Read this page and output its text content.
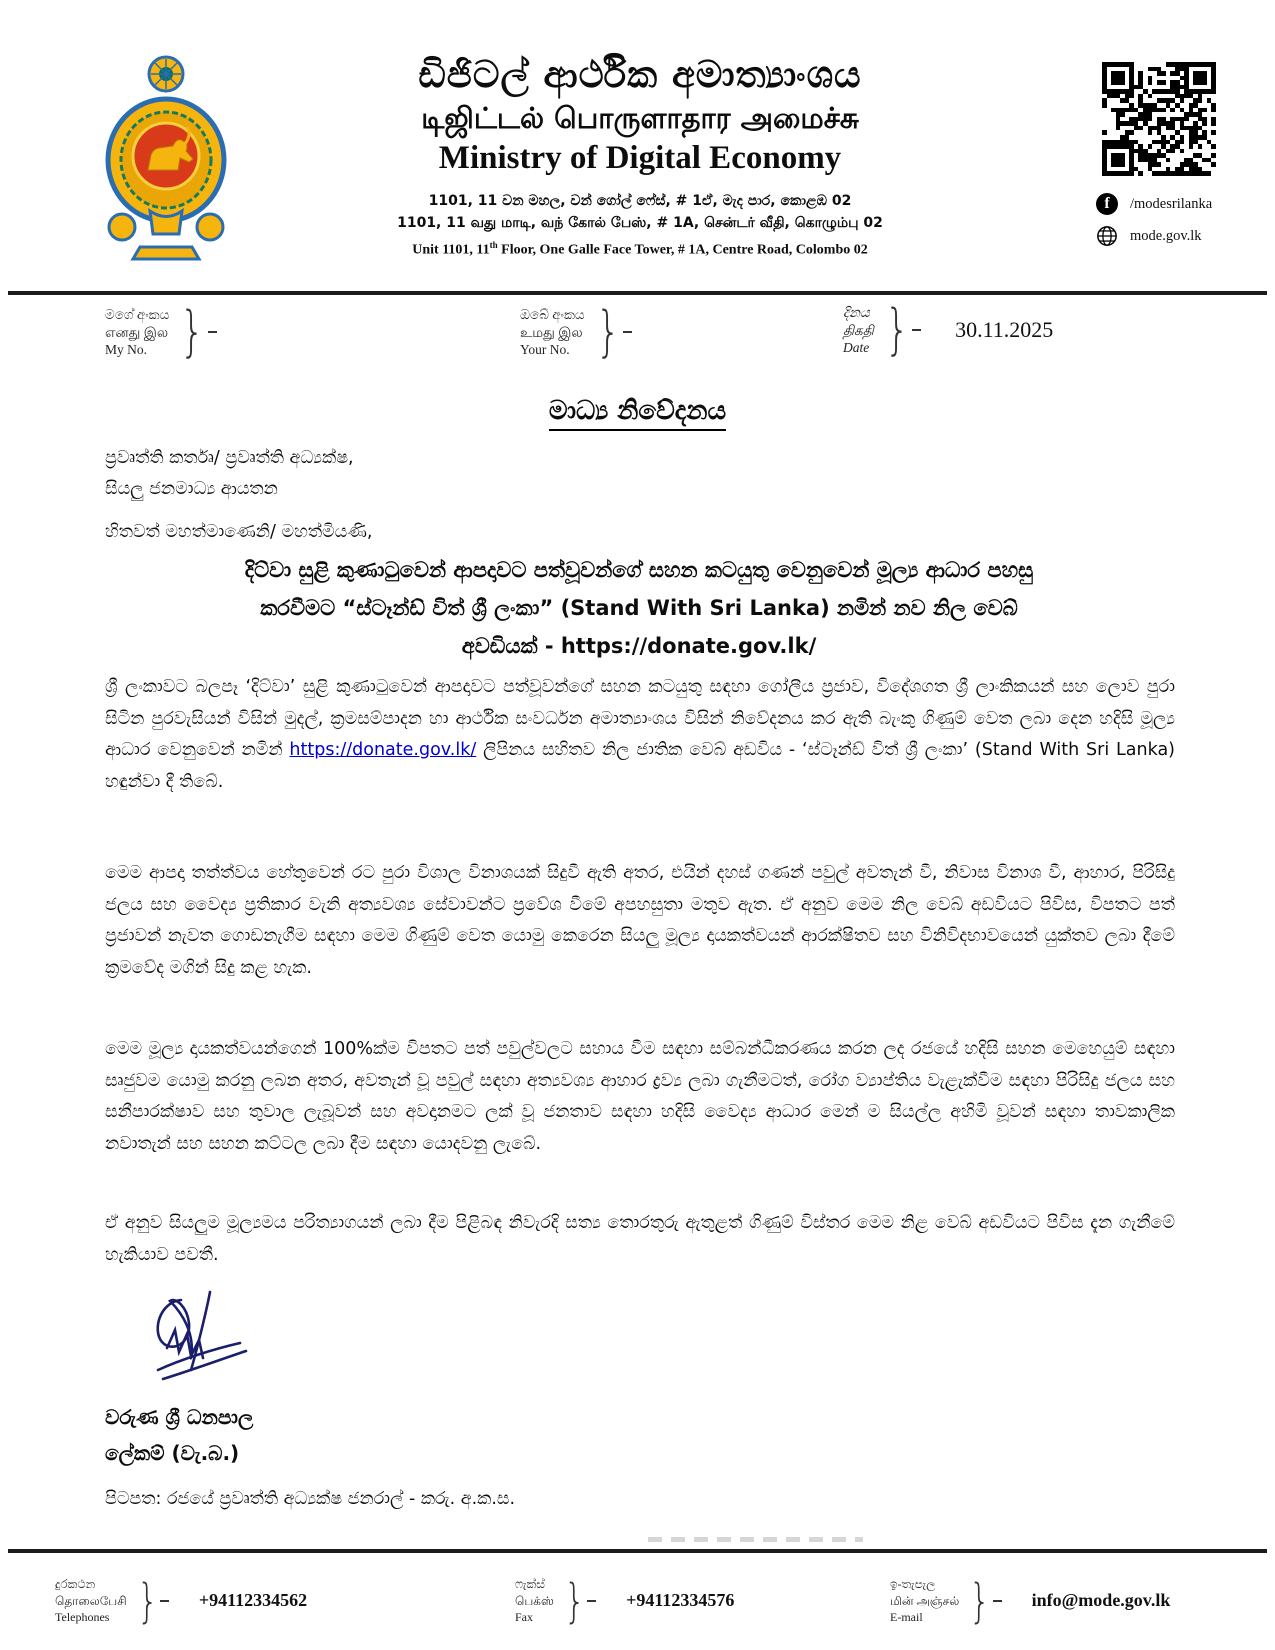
ඩිජිටල් ආර්ථික අමාත්‍යාංශය
டிஜிட்டல் பொருளாதார அமைச்சு
Ministry of Digital Economy
1101, 11 වන මහල, වන් ගෝල් ෆේස්, # 1ඒ, මැද පාර, කොළඹ 02
1101, 11 வது மாடி, வந் கோல் பேஸ், # 1A, சென்டர் வீதி, கொழும்பு 02
Unit 1101, 11th Floor, One Galle Face Tower, # 1A, Centre Road, Colombo 02
f
/modesrilanka
mode.gov.lk
මගේ අංකය
எனது இல
My No.
}
ඔබේ අංකය
உமது இல
Your No.
}
දිනය
திகதி
Date
}
30.11.2025
මාධ්‍ය නිවේදනය
ප්‍රවෘත්ති කර්තෘ/ ප්‍රවෘත්ති අධ්‍යක්ෂ,
සියලු ජනමාධ්‍ය ආයතන
හිතවත් මහත්මාණෙනි/ මහත්මියණි,
දිට්වා සුළි කුණාටුවෙන් ආපදාවට පත්වූවන්ගේ සහන කටයුතු වෙනුවෙන් මූල්‍ය ආධාර පහසු
කරවීමට “ස්ටෑන්ඩ් විත් ශ්‍රී ලංකා” (Stand With Sri Lanka) නමින් නව නිල වෙබ්
අවඩියක් - https://donate.gov.lk/
ශ්‍රී ලංකාවට බලපෑ ‘දිට්වා’ සුළි කුණාටුවෙන් ආපදාවට පත්වූවන්ගේ සහන කටයුතු සඳහා ගෝලීය ප්‍රජාව, විදේශගත ශ්‍රී ලාංකිකයන් සහ ලොව පුරා සිටින පුරවැසියන් විසින් මුදල්, ක්‍රමසම්පාදන හා ආර්ථික සංවර්ධන අමාත්‍යාංශය විසින් නිවේදනය කර ඇති බැංකු ගිණුම් වෙත ලබා දෙන හදිසි මූල්‍ය ආධාර වෙනුවෙන් නමින් https://donate.gov.lk/ ලිපිනය සහිතව නිල ජාතික වෙබ් අඩවිය - ‘ස්ටෑන්ඩ් විත් ශ්‍රී ලංකා’ (Stand With Sri Lanka) හඳුන්වා දී තිබේ.
මෙම ආපදා තත්ත්වය හේතුවෙන් රට පුරා විශාල විනාශයක් සිදුවී ඇති අතර, එයින් දහස් ගණන් පවුල් අවතැන් වී, නිවාස විනාශ වී, ආහාර, පිරිසිදු ජලය සහ වෛද්‍ය ප්‍රතිකාර වැනි අත්‍යවශ්‍ය සේවාවන්ට ප්‍රවේශ වීමේ අපහසුතා මතුව ඇත. ඒ අනුව මෙම නිල වෙබ් අඩවියට පිවිස, විපතට පත් ප්‍රජාවන් නැවත ගොඩනැගීම සඳහා මෙම ගිණුම් වෙත යොමු කෙරෙන සියලු මූල්‍ය දායකත්වයන් ආරක්ෂිතව සහ විනිවිදභාවයෙන් යුක්තව ලබා දීමේ ක්‍රමවේද මගින් සිදු කළ හැක.
මෙම මූල්‍ය දායකත්වයන්ගෙන් 100%ක්ම විපතට පත් පවුල්වලට සහාය වීම සඳහා සම්බන්ධීකරණය කරන ලද රජයේ හදිසි සහන මෙහෙයුම් සඳහා සෘජුවම යොමු කරනු ලබන අතර, අවතැන් වූ පවුල් සඳහා අත්‍යවශ්‍ය ආහාර ද්‍රව්‍ය ලබා ගැනීමටත්, රෝග ව්‍යාප්තිය වැළැක්වීම සඳහා පිරිසිදු ජලය සහ සනීපාරක්ෂාව සහ තුවාල ලැබූවන් සහ අවදානමට ලක් වූ ජනතාව සඳහා හදිසි වෛද්‍ය ආධාර මෙන් ම සියල්ල අහිමි වූවන් සඳහා තාවකාලික නවාතැන් සහ සහන කට්ටල ලබා දීම සඳහා යොදවනු ලැබේ.
ඒ අනුව සියලුම මූල්‍යමය පරිත්‍යාගයන් ලබා දීම පිළිබඳ නිවැරදි සත්‍ය තොරතුරු ඇතුළත් ගිණුම් විස්තර මෙම නිළ වෙබ් අඩවියට පිවිස දැන ගැනීමේ හැකියාව පවතී.
වරුණ ශ්‍රී ධනපාල
ලේකම් (වැ.බ.)
පිටපත: රජයේ ප්‍රවෘත්ති අධ්‍යක්ෂ ජනරාල් - කරු. අ.ක.ස.
දුරකථන
தொலைபேசி
Telephones
}
+94112334562
ෆැක්ස්
பெக்ஸ்
Fax
}
+94112334576
ඉ-තැපැල
மின் அஞ்சல்
E-mail
}
info@mode.gov.lk
